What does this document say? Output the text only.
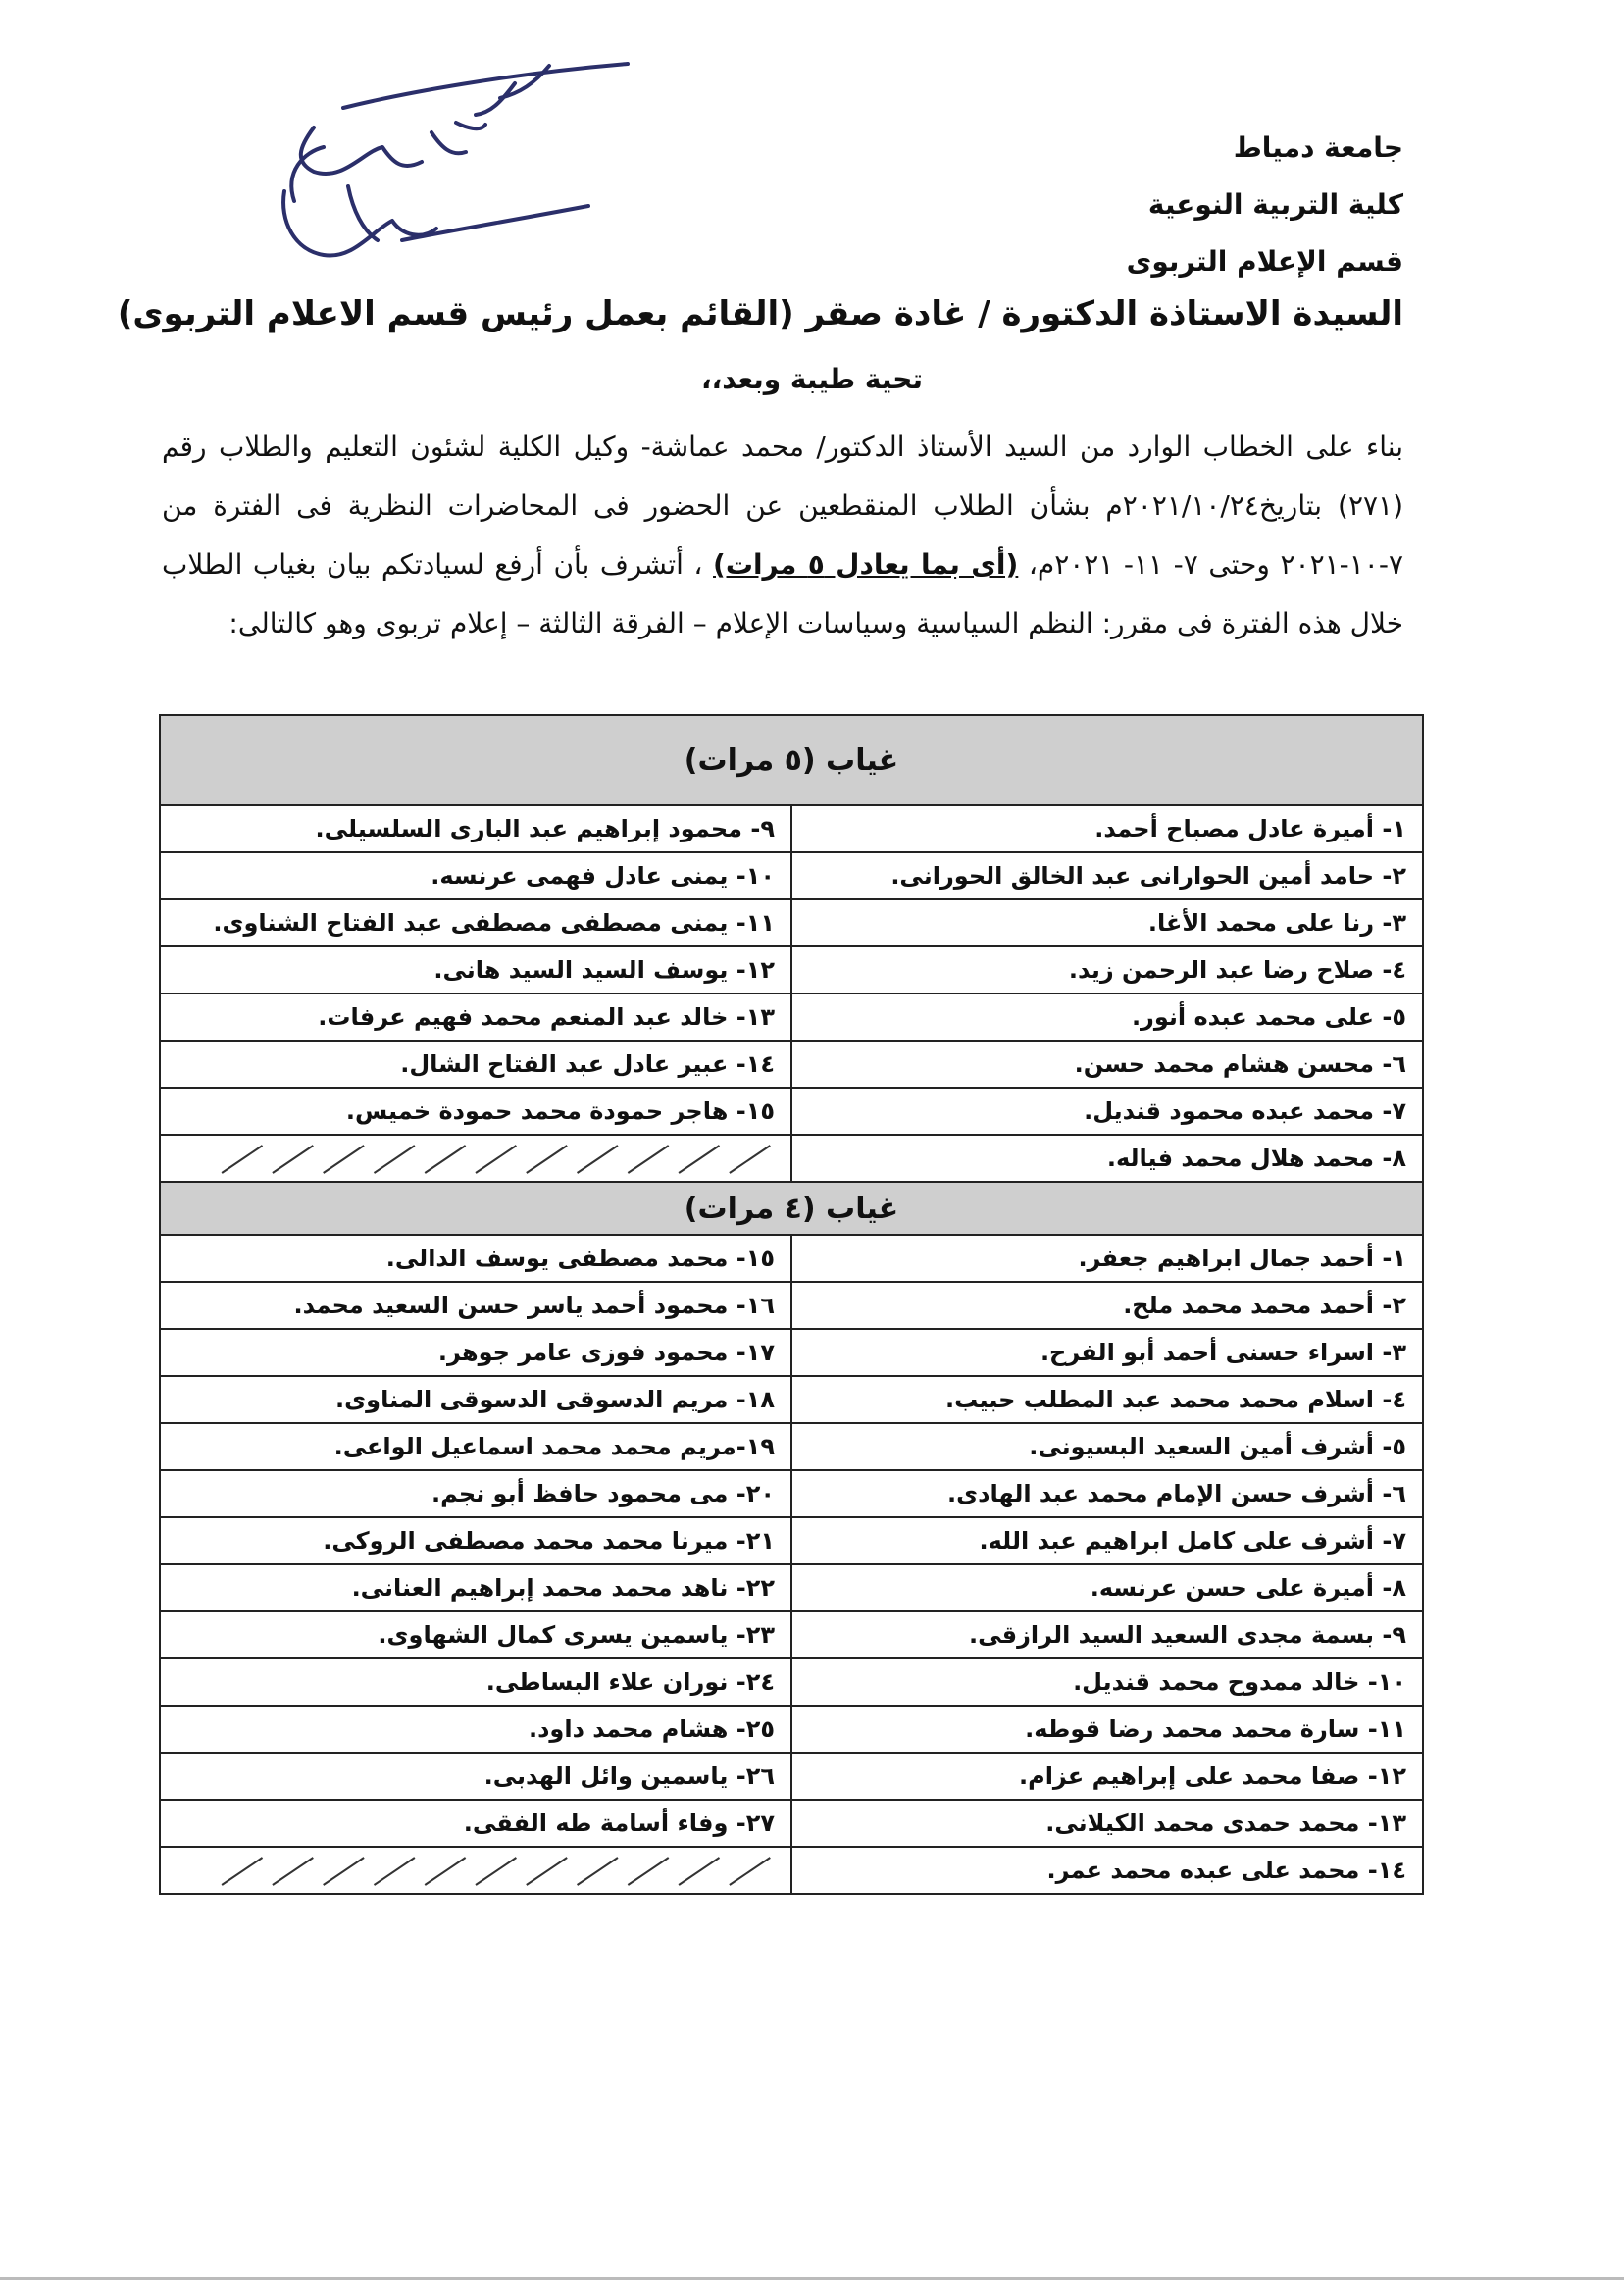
جامعة دمياط
كلية التربية النوعية
قسم الإعلام التربوى
السيدة الاستاذة الدكتورة / غادة صقر (القائم بعمل رئيس قسم الاعلام التربوى)
تحية طيبة وبعد،،
بناء على الخطاب الوارد من السيد الأستاذ الدكتور/ محمد عماشة- وكيل الكلية لشئون التعليم والطلاب رقم (٢٧١) بتاريخ٢٠٢١/١٠/٢٤م بشأن الطلاب المنقطعين عن الحضور فى المحاضرات النظرية فى الفترة من ٧-١٠-٢٠٢١ وحتى ٧- ١١- ٢٠٢١م، (أى بما يعادل ٥ مرات) ، أتشرف بأن أرفع لسيادتكم بيان بغياب الطلاب خلال هذه الفترة فى مقرر: النظم السياسية وسياسات الإعلام – الفرقة الثالثة – إعلام تربوى وهو كالتالى:
غياب (٥ مرات)	
١- أميرة عادل مصباح أحمد.	٩- محمود إبراهيم عبد البارى السلسيلى.
٢- حامد أمين الحوارانى عبد الخالق الحورانى.	١٠- يمنى عادل فهمى عرنسه.
٣- رنا على محمد الأغا.	١١- يمنى مصطفى مصطفى عبد الفتاح الشناوى.
٤- صلاح رضا عبد الرحمن زيد.	١٢- يوسف السيد السيد هانى.
٥- على محمد عبده أنور.	١٣- خالد عبد المنعم محمد فهيم عرفات.
٦- محسن هشام محمد حسن.	١٤- عبير عادل عبد الفتاح الشال.
٧- محمد عبده محمود قنديل.	١٥- هاجر حمودة محمد حمودة خميس.
٨- محمد هلال محمد فياله.	

غياب (٤ مرات)	
١- أحمد جمال ابراهيم جعفر.	١٥- محمد مصطفى يوسف الدالى.
٢- أحمد محمد محمد ملح.	١٦- محمود أحمد ياسر حسن السعيد محمد.
٣- اسراء حسنى أحمد أبو الفرح.	١٧- محمود فوزى عامر جوهر.
٤- اسلام محمد محمد عبد المطلب حبيب.	١٨- مريم الدسوقى الدسوقى المناوى.
٥- أشرف أمين السعيد البسيونى.	١٩-مريم محمد محمد اسماعيل الواعى.
٦- أشرف حسن الإمام محمد عبد الهادى.	٢٠- مى محمود حافظ أبو نجم.
٧- أشرف على كامل ابراهيم عبد الله.	٢١- ميرنا محمد محمد مصطفى الروكى.
٨- أميرة على حسن عرنسه.	٢٢- ناهد محمد محمد إبراهيم العنانى.
٩- بسمة مجدى السعيد السيد الرازقى.	٢٣- ياسمين يسرى كمال الشهاوى.
١٠- خالد ممدوح محمد قنديل.	٢٤- نوران علاء البساطى.
١١- سارة محمد محمد رضا قوطه.	٢٥- هشام محمد داود.
١٢- صفا محمد على إبراهيم عزام.	٢٦- ياسمين وائل الهدبى.
١٣- محمد حمدى محمد الكيلانى.	٢٧- وفاء أسامة طه الفقى.
١٤- محمد على عبده محمد عمر.	
